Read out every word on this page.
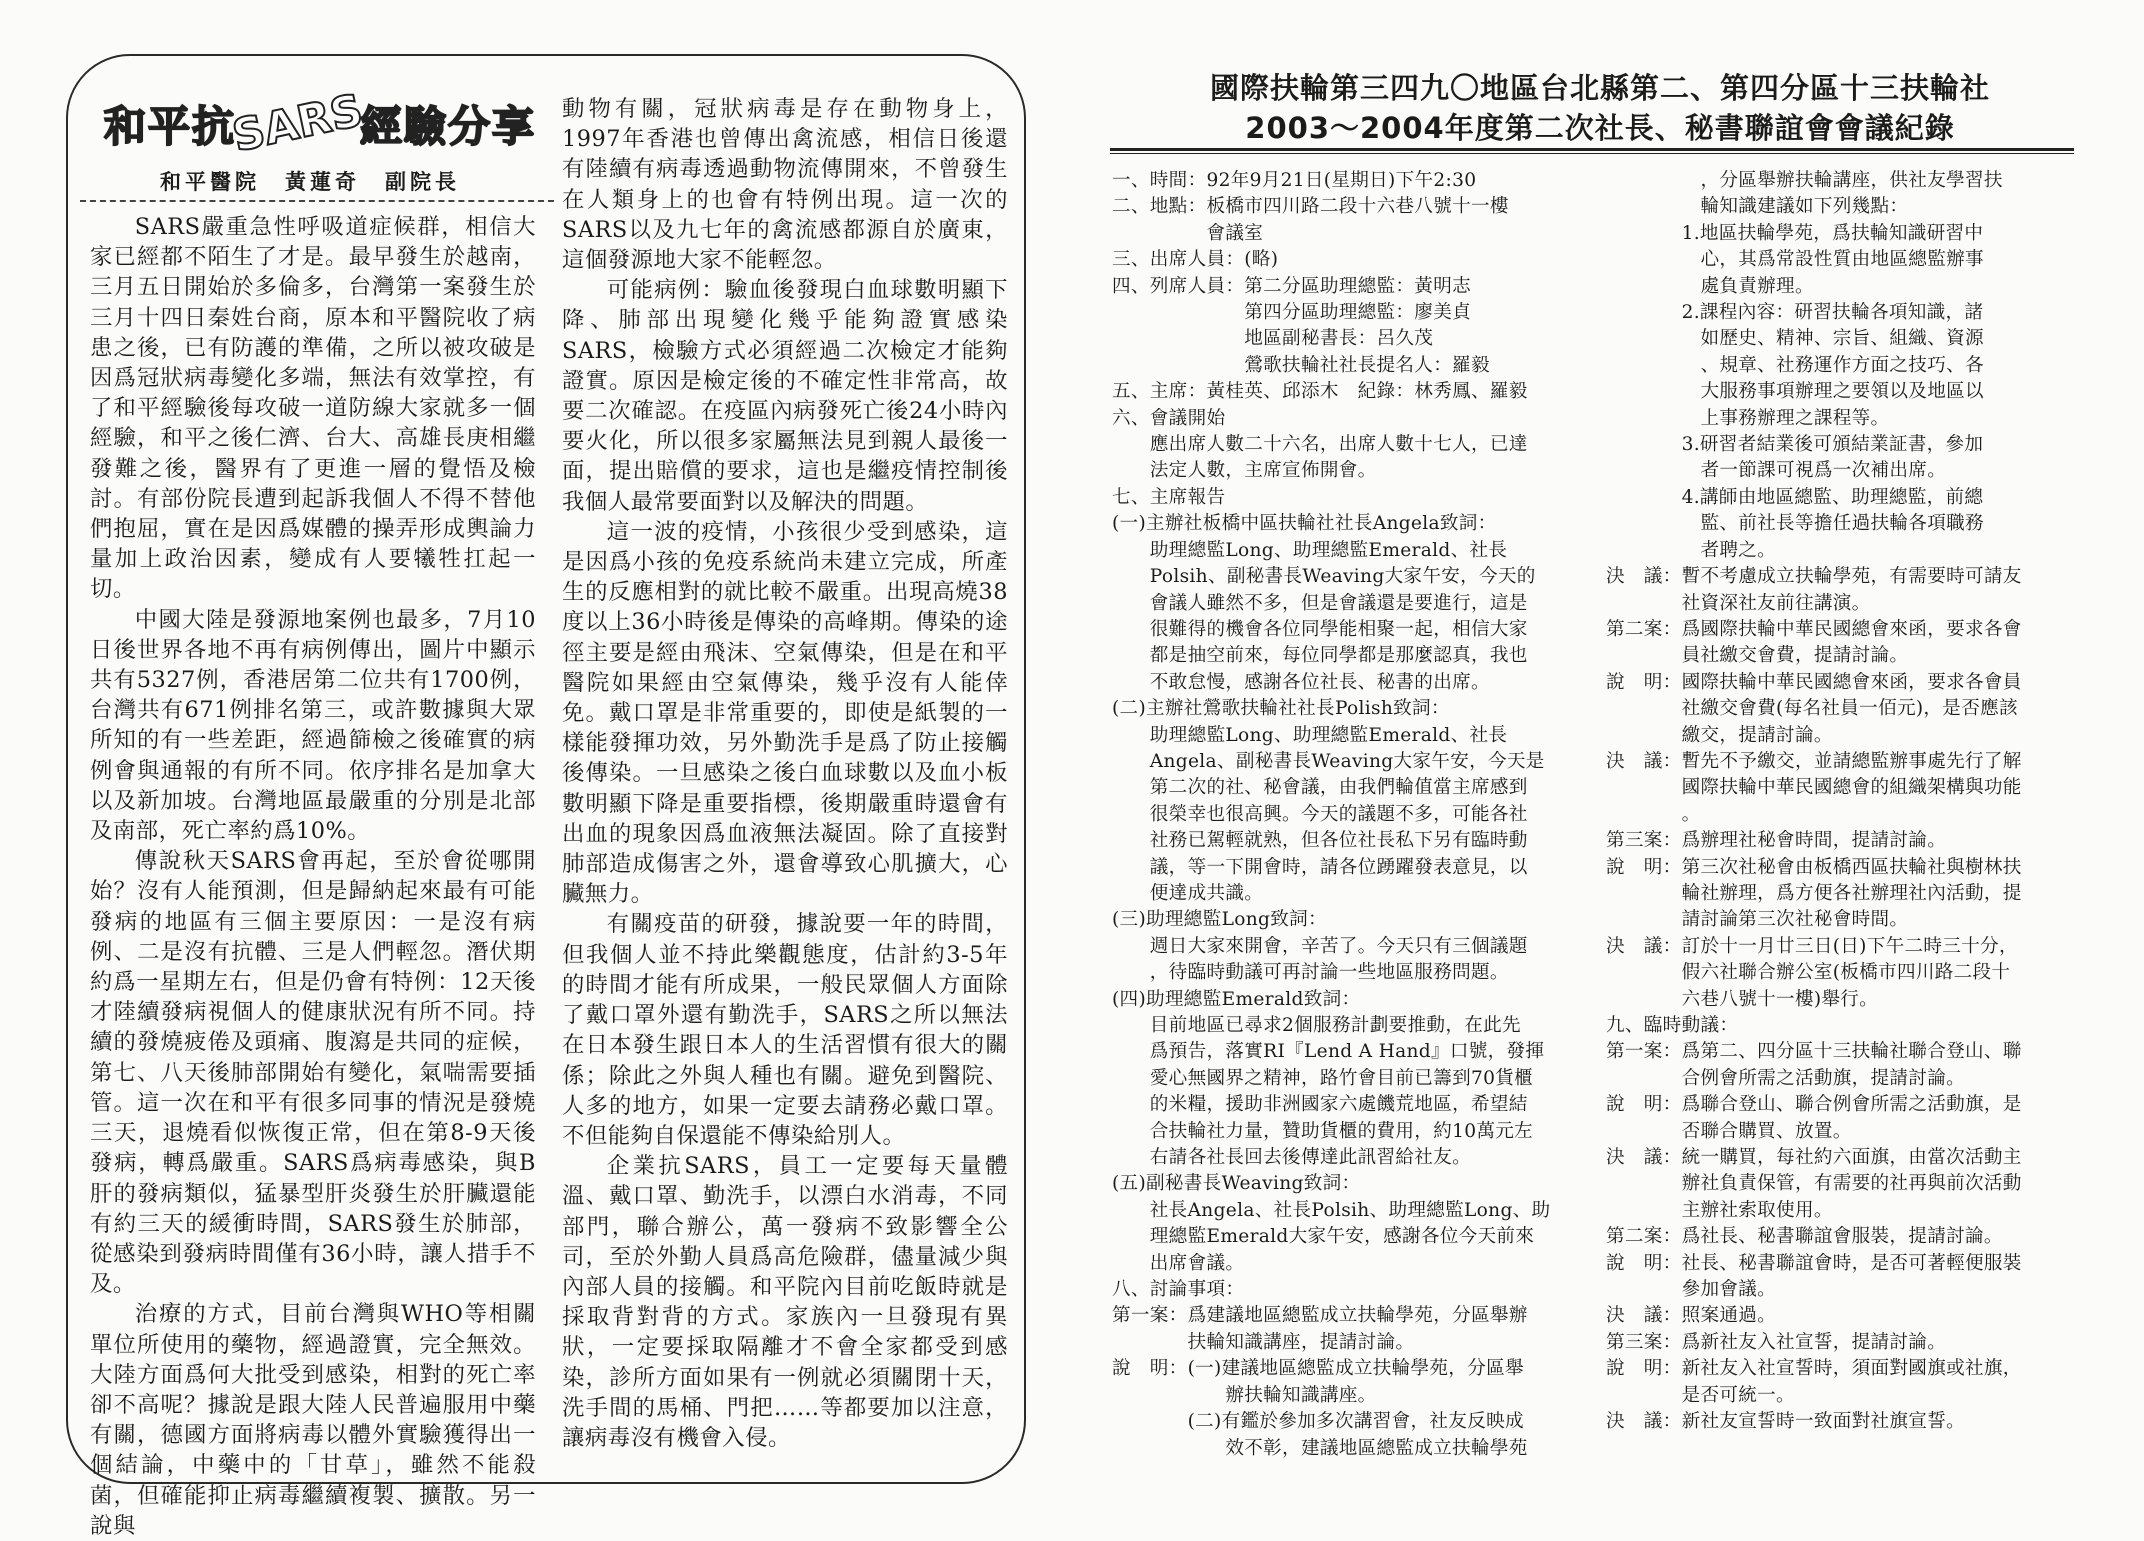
和平抗
SARS
經驗分享
和平醫院　黃蓮奇　副院長

SARS嚴重急性呼吸道症候群，相信大家已經都不陌生了才是。最早發生於越南，三月五日開始於多倫多，台灣第一案發生於三月十四日秦姓台商，原本和平醫院收了病患之後，已有防護的準備，之所以被攻破是因爲冠狀病毒變化多端，無法有效掌控，有了和平經驗後每攻破一道防線大家就多一個經驗，和平之後仁濟、台大、高雄長庚相繼發難之後，醫界有了更進一層的覺悟及檢討。有部份院長遭到起訴我個人不得不替他們抱屈，實在是因爲媒體的操弄形成輿論力量加上政治因素，變成有人要犧牲扛起一切。

中國大陸是發源地案例也最多，7月10日後世界各地不再有病例傳出，圖片中顯示共有5327例，香港居第二位共有1700例，台灣共有671例排名第三，或許數據與大眾所知的有一些差距，經過篩檢之後確實的病例會與通報的有所不同。依序排名是加拿大以及新加坡。台灣地區最嚴重的分別是北部及南部，死亡率約爲10%。

傳說秋天SARS會再起，至於會從哪開始？沒有人能預測，但是歸納起來最有可能發病的地區有三個主要原因：一是沒有病例、二是沒有抗體、三是人們輕忽。潛伏期約爲一星期左右，但是仍會有特例：12天後才陸續發病視個人的健康狀況有所不同。持續的發燒疲倦及頭痛、腹瀉是共同的症候，第七、八天後肺部開始有變化，氣喘需要插管。這一次在和平有很多同事的情況是發燒三天，退燒看似恢復正常，但在第8-9天後發病，轉爲嚴重。SARS爲病毒感染，與B肝的發病類似，猛暴型肝炎發生於肝臟還能有約三天的緩衝時間，SARS發生於肺部，從感染到發病時間僅有36小時，讓人措手不及。

治療的方式，目前台灣與WHO等相關單位所使用的藥物，經過證實，完全無效。大陸方面爲何大批受到感染，相對的死亡率卻不高呢？據說是跟大陸人民普遍服用中藥有關，德國方面將病毒以體外實驗獲得出一個結論，中藥中的「甘草」，雖然不能殺菌，但確能抑止病毒繼續複製、擴散。另一說與

動物有關，冠狀病毒是存在動物身上，1997年香港也曾傳出禽流感，相信日後還有陸續有病毒透過動物流傳開來，不曾發生在人類身上的也會有特例出現。這一次的SARS以及九七年的禽流感都源自於廣東，這個發源地大家不能輕忽。

可能病例：驗血後發現白血球數明顯下降、肺部出現變化幾乎能夠證實感染SARS，檢驗方式必須經過二次檢定才能夠證實。原因是檢定後的不確定性非常高，故要二次確認。在疫區內病發死亡後24小時內要火化，所以很多家屬無法見到親人最後一面，提出賠償的要求，這也是繼疫情控制後我個人最常要面對以及解決的問題。

這一波的疫情，小孩很少受到感染，這是因爲小孩的免疫系統尚未建立完成，所產生的反應相對的就比較不嚴重。出現高燒38度以上36小時後是傳染的高峰期。傳染的途徑主要是經由飛沫、空氣傳染，但是在和平醫院如果經由空氣傳染，幾乎沒有人能倖免。戴口罩是非常重要的，即使是紙製的一樣能發揮功效，另外勤洗手是爲了防止接觸後傳染。一旦感染之後白血球數以及血小板數明顯下降是重要指標，後期嚴重時還會有出血的現象因爲血液無法凝固。除了直接對肺部造成傷害之外，還會導致心肌擴大，心臟無力。

有關疫苗的研發，據說要一年的時間，但我個人並不持此樂觀態度，估計約3-5年的時間才能有所成果，一般民眾個人方面除了戴口罩外還有勤洗手，SARS之所以無法在日本發生跟日本人的生活習慣有很大的關係；除此之外與人種也有關。避免到醫院、人多的地方，如果一定要去請務必戴口罩。不但能夠自保還能不傳染給別人。

企業抗SARS，員工一定要每天量體溫、戴口罩、勤洗手，以漂白水消毒，不同部門，聯合辦公，萬一發病不致影響全公司，至於外勤人員爲高危險群，儘量減少與內部人員的接觸。和平院內目前吃飯時就是採取背對背的方式。家族內一旦發現有異狀，一定要採取隔離才不會全家都受到感染，診所方面如果有一例就必須關閉十天，洗手間的馬桶、門把……等都要加以注意，讓病毒沒有機會入侵。

國際扶輪第三四九〇地區台北縣第二、第四分區十三扶輪社
2003～2004年度第二次社長、秘書聯誼會會議紀錄
一、時間：92年9月21日(星期日)下午2:30
二、地點：板橋市四川路二段十六巷八號十一樓
　　　　　會議室
三、出席人員：(略)
四、列席人員：第二分區助理總監：黃明志
　　　　　　　第四分區助理總監：廖美貞
　　　　　　　地區副秘書長：呂久茂
　　　　　　　鶯歌扶輪社社長提名人：羅毅
五、主席：黃桂英、邱添木　紀錄：林秀鳳、羅毅
六、會議開始
　　應出席人數二十六名，出席人數十七人，已達
　　法定人數，主席宣佈開會。
七、主席報告
(一)主辦社板橋中區扶輪社社長Angela致詞：
　　助理總監Long、助理總監Emerald、社長
　　Polsih、副秘書長Weaving大家午安，今天的
　　會議人雖然不多，但是會議還是要進行，這是
　　很難得的機會各位同學能相聚一起，相信大家
　　都是抽空前來，每位同學都是那麼認真，我也
　　不敢怠慢，感謝各位社長、秘書的出席。
(二)主辦社鶯歌扶輪社社長Polish致詞：
　　助理總監Long、助理總監Emerald、社長
　　Angela、副秘書長Weaving大家午安，今天是
　　第二次的社、秘會議，由我們輪值當主席感到
　　很榮幸也很高興。今天的議題不多，可能各社
　　社務已駕輕就熟，但各位社長私下另有臨時動
　　議，等一下開會時，請各位踴躍發表意見，以
　　便達成共識。
(三)助理總監Long致詞：
　　週日大家來開會，辛苦了。今天只有三個議題
　　，待臨時動議可再討論一些地區服務問題。
(四)助理總監Emerald致詞：
　　目前地區已尋求2個服務計劃要推動，在此先
　　爲預告，落實RI『Lend A Hand』口號，發揮
　　愛心無國界之精神，路竹會目前已籌到70貨櫃
　　的米糧，援助非洲國家六處饑荒地區，希望結
　　合扶輪社力量，贊助貨櫃的費用，約10萬元左
　　右請各社長回去後傳達此訊習給社友。
(五)副秘書長Weaving致詞：
　　社長Angela、社長Polsih、助理總監Long、助
　　理總監Emerald大家午安，感謝各位今天前來
　　出席會議。
八、討論事項：
第一案：爲建議地區總監成立扶輪學苑，分區舉辦
　　　　扶輪知識講座，提請討論。
說　明：(一)建議地區總監成立扶輪學苑，分區舉
　　　　　　辦扶輪知識講座。
　　　　(二)有鑑於參加多次講習會，社友反映成
　　　　　　效不彰，建議地區總監成立扶輪學苑
　　　　　，分區舉辦扶輪講座，供社友學習扶
　　　　　輪知識建議如下列幾點：
　　　　1.地區扶輪學苑，爲扶輪知識研習中
　　　　　心，其爲常設性質由地區總監辦事
　　　　　處負責辦理。
　　　　2.課程內容：研習扶輪各項知識，諸
　　　　　如歷史、精神、宗旨、組織、資源
　　　　　、規章、社務運作方面之技巧、各
　　　　　大服務事項辦理之要領以及地區以
　　　　　上事務辦理之課程等。
　　　　3.研習者結業後可頒結業証書，參加
　　　　　者一節課可視爲一次補出席。
　　　　4.講師由地區總監、助理總監，前總
　　　　　監、前社長等擔任過扶輪各項職務
　　　　　者聘之。
決　議：暫不考慮成立扶輪學苑，有需要時可請友
　　　　社資深社友前往講演。
第二案：爲國際扶輪中華民國總會來函，要求各會
　　　　員社繳交會費，提請討論。
說　明：國際扶輪中華民國總會來函，要求各會員
　　　　社繳交會費(每名社員一佰元)，是否應該
　　　　繳交，提請討論。
決　議：暫先不予繳交，並請總監辦事處先行了解
　　　　國際扶輪中華民國總會的組織架構與功能
　　　　。
第三案：爲辦理社秘會時間，提請討論。
說　明：第三次社秘會由板橋西區扶輪社與樹林扶
　　　　輪社辦理，爲方便各社辦理社內活動，提
　　　　請討論第三次社秘會時間。
決　議：訂於十一月廿三日(日)下午二時三十分，
　　　　假六社聯合辦公室(板橋市四川路二段十
　　　　六巷八號十一樓)舉行。
九、臨時動議：
第一案：爲第二、四分區十三扶輪社聯合登山、聯
　　　　合例會所需之活動旗，提請討論。
說　明：爲聯合登山、聯合例會所需之活動旗，是
　　　　否聯合購買、放置。
決　議：統一購買，每社約六面旗，由當次活動主
　　　　辦社負責保管，有需要的社再與前次活動
　　　　主辦社索取使用。
第二案：爲社長、秘書聯誼會服裝，提請討論。
說　明：社長、秘書聯誼會時，是否可著輕便服裝
　　　　參加會議。
決　議：照案通過。
第三案：爲新社友入社宣誓，提請討論。
說　明：新社友入社宣誓時，須面對國旗或社旗，
　　　　是否可統一。
決　議：新社友宣誓時一致面對社旗宣誓。
